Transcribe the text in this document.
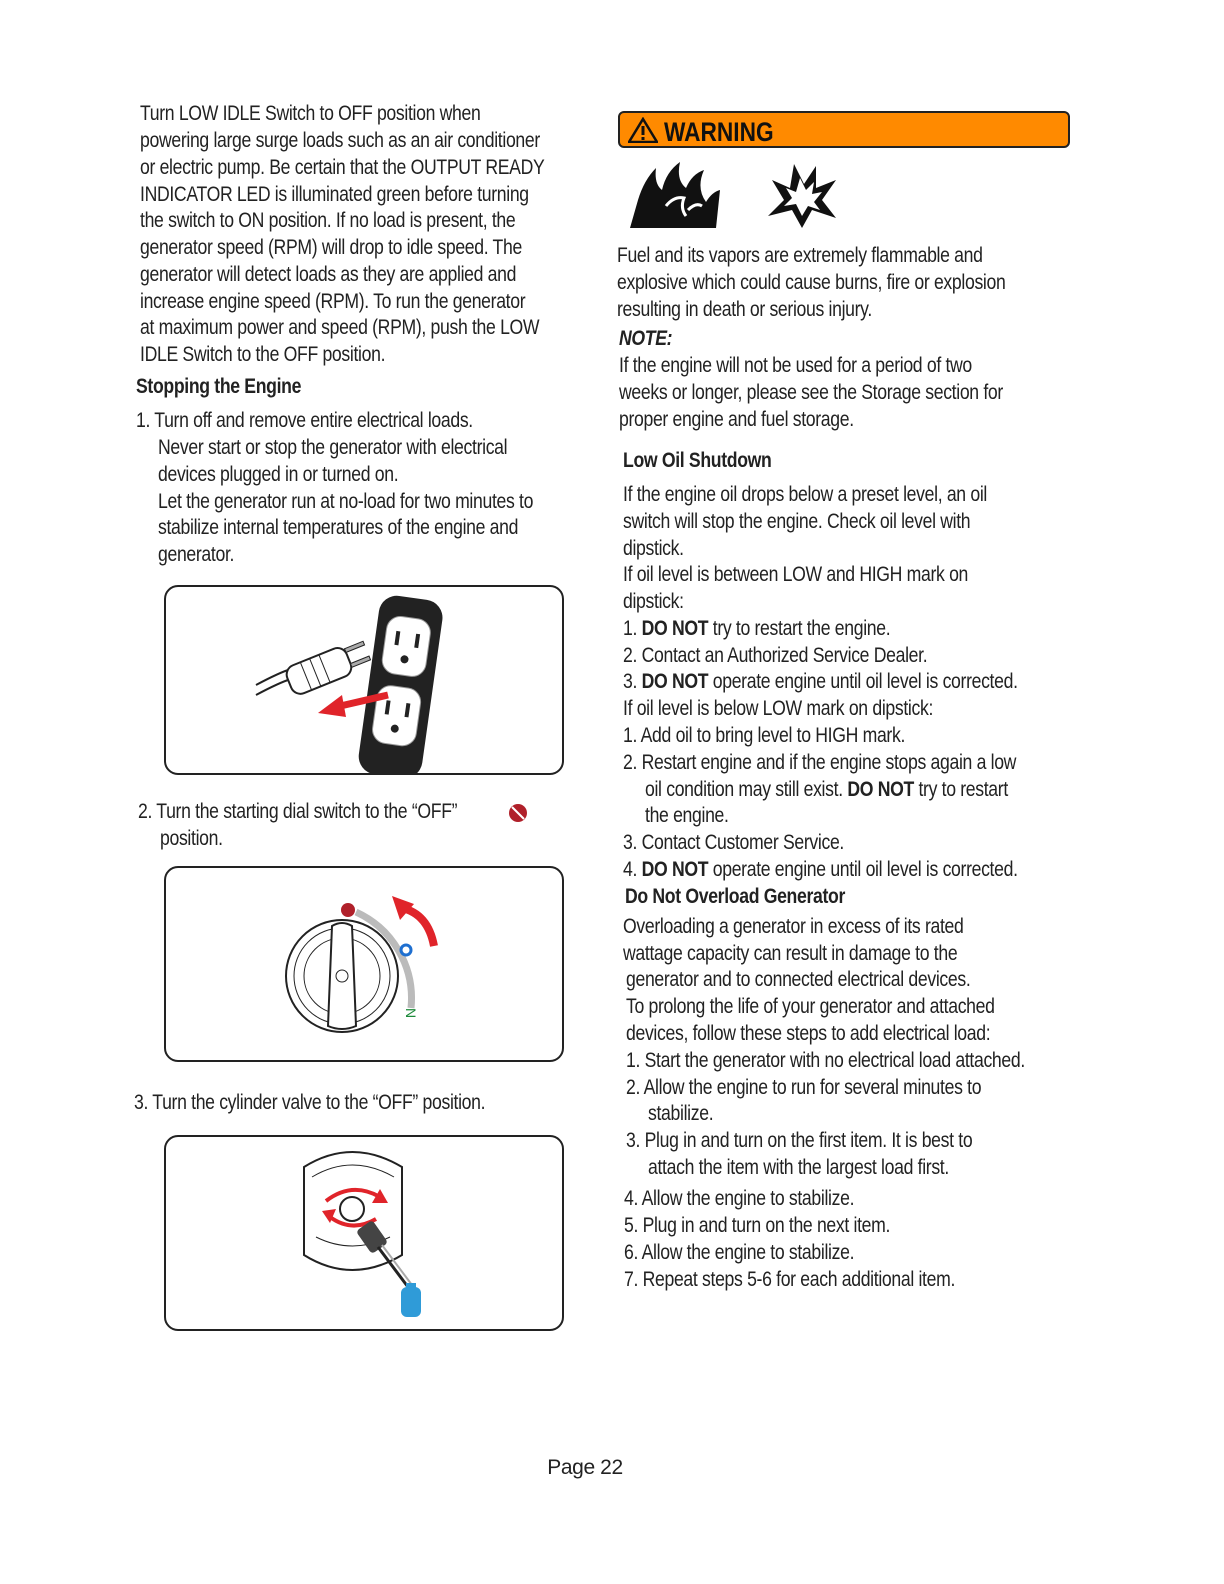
Turn LOW IDLE Switch to OFF position when

powering large surge loads such as an air conditioner

or electric pump. Be certain that the OUTPUT READY

INDICATOR LED is illuminated green before turning

the switch to ON position. If no load is present, the

generator speed (RPM) will drop to idle speed. The

generator will detect loads as they are applied and

increase engine speed (RPM). To run the generator

at maximum power and speed (RPM), push the LOW

IDLE Switch to the OFF position.

Stopping the Engine

1. Turn off and remove entire electrical loads.

Never start or stop the generator with electrical

devices plugged in or turned on.

Let the generator run at no-load for two minutes to

stabilize internal temperatures of the engine and

generator.

2. Turn the starting dial switch to the “OFF”

position.

N

3. Turn the cylinder valve to the “OFF” position.

WARNING

Fuel and its vapors are extremely flammable and

explosive which could cause burns, fire or explosion

resulting in death or serious injury.

NOTE:

If the engine will not be used for a period of two

weeks or longer, please see the Storage section for

proper engine and fuel storage.

Low Oil Shutdown

If the engine oil drops below a preset level, an oil

switch will stop the engine. Check oil level with

dipstick.

If oil level is between LOW and HIGH mark on

dipstick:

1. DO NOT try to restart the engine.

2. Contact an Authorized Service Dealer.

3. DO NOT operate engine until oil level is corrected.

If oil level is below LOW mark on dipstick:

1. Add oil to bring level to HIGH mark.

2. Restart engine and if the engine stops again a low

oil condition may still exist. DO NOT try to restart

the engine.

3. Contact Customer Service.

4. DO NOT operate engine until oil level is corrected.

Do Not Overload Generator

Overloading a generator in excess of its rated

wattage capacity can result in damage to the

generator and to connected electrical devices.

To prolong the life of your generator and attached

devices, follow these steps to add electrical load:

1. Start the generator with no electrical load attached.

2. Allow the engine to run for several minutes to

stabilize.

3. Plug in and turn on the first item. It is best to

attach the item with the largest load first.

4. Allow the engine to stabilize.

5. Plug in and turn on the next item.

6. Allow the engine to stabilize.

7. Repeat steps 5-6 for each additional item.

Page 22
